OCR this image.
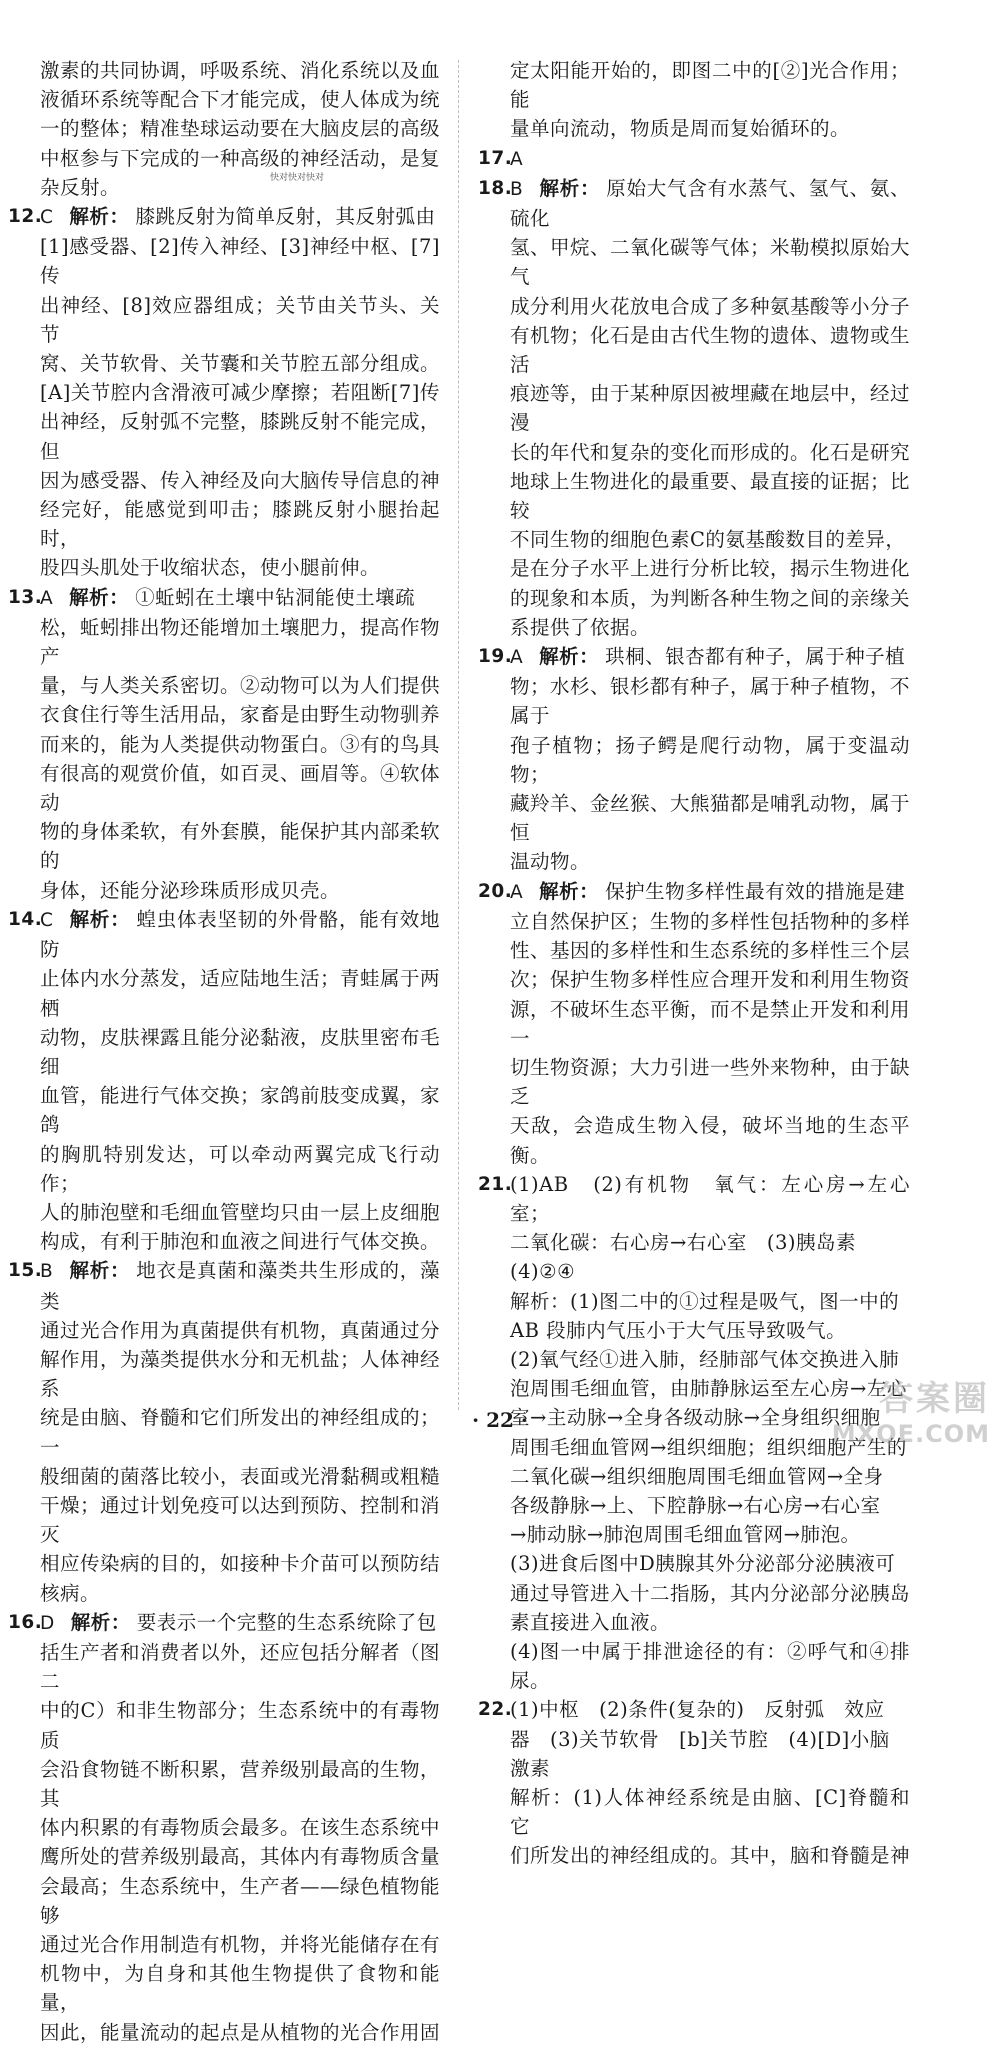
激素的共同协调，呼吸系统、消化系统以及血

液循环系统等配合下才能完成，使人体成为统

一的整体；精准垫球运动要在大脑皮层的高级

中枢参与下完成的一种高级的神经活动，是复

杂反射。	快对快对快对

12.
C 解析： 膝跳反射为简单反射，其反射弧由

[1]感受器、[2]传入神经、[3]神经中枢、[7]传

出神经、[8]效应器组成；关节由关节头、关节

窝、关节软骨、关节囊和关节腔五部分组成。

[A]关节腔内含滑液可减少摩擦；若阻断[7]传

出神经，反射弧不完整，膝跳反射不能完成，但

因为感受器、传入神经及向大脑传导信息的神

经完好，能感觉到叩击；膝跳反射小腿抬起时，

股四头肌处于收缩状态，使小腿前伸。

13.
A 解析： ①蚯蚓在土壤中钻洞能使土壤疏

松，蚯蚓排出物还能增加土壤肥力，提高作物产

量，与人类关系密切。②动物可以为人们提供

衣食住行等生活用品，家畜是由野生动物驯养

而来的，能为人类提供动物蛋白。③有的鸟具

有很高的观赏价值，如百灵、画眉等。④软体动

物的身体柔软，有外套膜，能保护其内部柔软的

身体，还能分泌珍珠质形成贝壳。

14.
C 解析： 蝗虫体表坚韧的外骨骼，能有效地防

止体内水分蒸发，适应陆地生活；青蛙属于两栖

动物，皮肤裸露且能分泌黏液，皮肤里密布毛细

血管，能进行气体交换；家鸽前肢变成翼，家鸽

的胸肌特别发达，可以牵动两翼完成飞行动作；

人的肺泡壁和毛细血管壁均只由一层上皮细胞

构成，有利于肺泡和血液之间进行气体交换。

15.
B 解析： 地衣是真菌和藻类共生形成的，藻类

通过光合作用为真菌提供有机物，真菌通过分

解作用，为藻类提供水分和无机盐；人体神经系

统是由脑、脊髓和它们所发出的神经组成的；一

般细菌的菌落比较小，表面或光滑黏稠或粗糙

干燥；通过计划免疫可以达到预防、控制和消灭

相应传染病的目的，如接种卡介苗可以预防结

核病。

16.
D 解析： 要表示一个完整的生态系统除了包

括生产者和消费者以外，还应包括分解者（图二

中的C）和非生物部分；生态系统中的有毒物质

会沿食物链不断积累，营养级别最高的生物，其

体内积累的有毒物质会最多。在该生态系统中

鹰所处的营养级别最高，其体内有毒物质含量

会最高；生态系统中，生产者——绿色植物能够

通过光合作用制造有机物，并将光能储存在有

机物中，为自身和其他生物提供了食物和能量，

因此，能量流动的起点是从植物的光合作用固

定太阳能开始的，即图二中的[②]光合作用；能

量单向流动，物质是周而复始循环的。

17.
A
18.
B 解析： 原始大气含有水蒸气、氢气、氨、硫化

氢、甲烷、二氧化碳等气体；米勒模拟原始大气

成分利用火花放电合成了多种氨基酸等小分子

有机物；化石是由古代生物的遗体、遗物或生活

痕迹等，由于某种原因被埋藏在地层中，经过漫

长的年代和复杂的变化而形成的。化石是研究

地球上生物进化的最重要、最直接的证据；比较

不同生物的细胞色素C的氨基酸数目的差异，

是在分子水平上进行分析比较，揭示生物进化

的现象和本质，为判断各种生物之间的亲缘关

系提供了依据。

19.
A 解析： 珙桐、银杏都有种子，属于种子植

物；水杉、银杉都有种子，属于种子植物，不属于

孢子植物；扬子鳄是爬行动物，属于变温动物；

藏羚羊、金丝猴、大熊猫都是哺乳动物，属于恒

温动物。

20.
A 解析： 保护生物多样性最有效的措施是建

立自然保护区；生物的多样性包括物种的多样

性、基因的多样性和生态系统的多样性三个层

次；保护生物多样性应合理开发和利用生物资

源，不破坏生态平衡，而不是禁止开发和利用一

切生物资源；大力引进一些外来物种，由于缺乏

天敌，会造成生物入侵，破坏当地的生态平衡。

21.
(1)AB　(2)有机物　氧气：左心房→左心室；

二氧化碳：右心房→右心室　(3)胰岛素

(4)②④

解析：(1)图二中的①过程是吸气，图一中的

AB 段肺内气压小于大气压导致吸气。

(2)氧气经①进入肺，经肺部气体交换进入肺

泡周围毛细血管，由肺静脉运至左心房→左心

室→主动脉→全身各级动脉→全身组织细胞

周围毛细血管网→组织细胞；组织细胞产生的

二氧化碳→组织细胞周围毛细血管网→全身

各级静脉→上、下腔静脉→右心房→右心室

→肺动脉→肺泡周围毛细血管网→肺泡。

(3)进食后图中D胰腺其外分泌部分泌胰液可

通过导管进入十二指肠，其内分泌部分泌胰岛

素直接进入血液。

(4)图一中属于排泄途径的有：②呼气和④排尿。

22.
(1)中枢　(2)条件(复杂的)　反射弧　效应

器　(3)关节软骨　[b]关节腔　(4)[D]小脑

激素

解析：(1)人体神经系统是由脑、[C]脊髓和它

们所发出的神经组成的。其中，脑和脊髓是神

· 22 ·
答案圈
MXQE.COM
